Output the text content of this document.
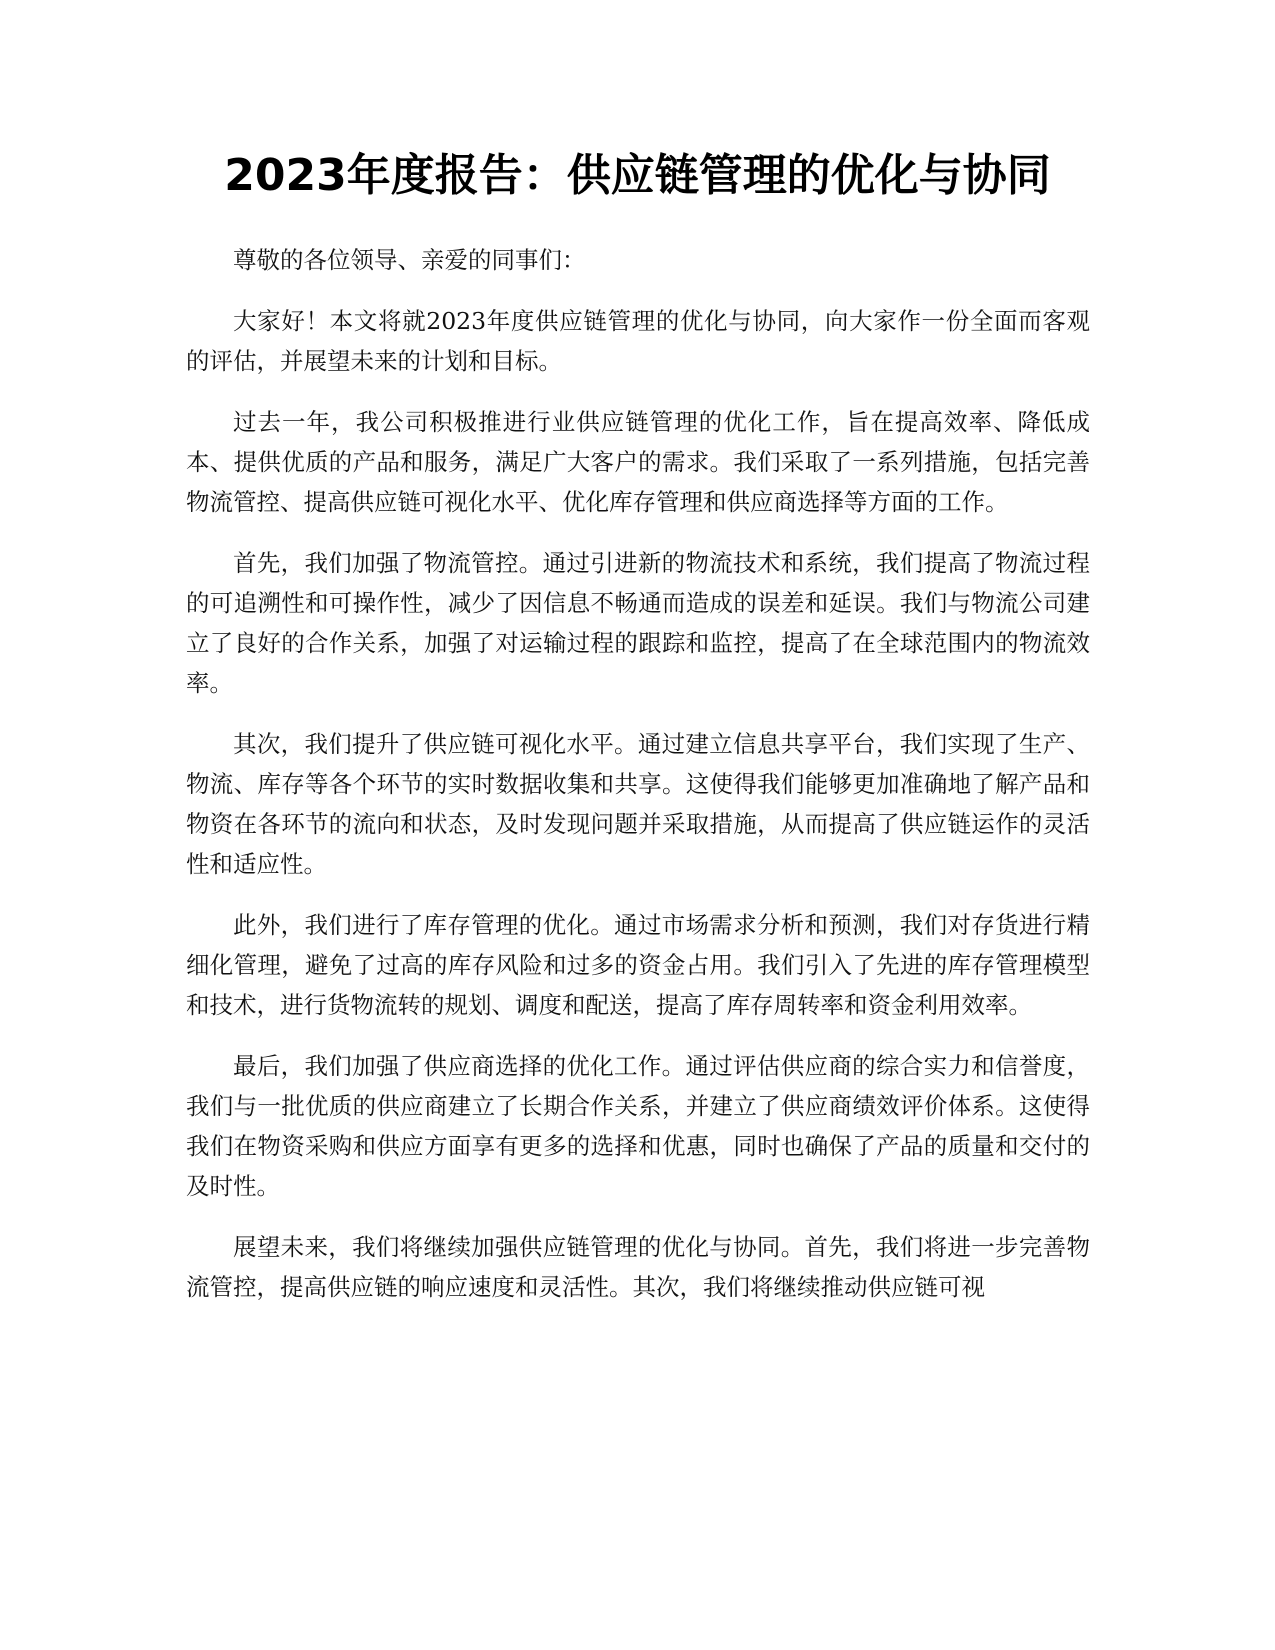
2023年度报告：供应链管理的优化与协同

尊敬的各位领导、亲爱的同事们：

大家好！本文将就2023年度供应链管理的优化与协同，向大家作一份全面而客观的评估，并展望未来的计划和目标。

过去一年，我公司积极推进行业供应链管理的优化工作，旨在提高效率、降低成本、提供优质的产品和服务，满足广大客户的需求。我们采取了一系列措施，包括完善物流管控、提高供应链可视化水平、优化库存管理和供应商选择等方面的工作。

首先，我们加强了物流管控。通过引进新的物流技术和系统，我们提高了物流过程的可追溯性和可操作性，减少了因信息不畅通而造成的误差和延误。我们与物流公司建立了良好的合作关系，加强了对运输过程的跟踪和监控，提高了在全球范围内的物流效率。

其次，我们提升了供应链可视化水平。通过建立信息共享平台，我们实现了生产、物流、库存等各个环节的实时数据收集和共享。这使得我们能够更加准确地了解产品和物资在各环节的流向和状态，及时发现问题并采取措施，从而提高了供应链运作的灵活性和适应性。

此外，我们进行了库存管理的优化。通过市场需求分析和预测，我们对存货进行精细化管理，避免了过高的库存风险和过多的资金占用。我们引入了先进的库存管理模型和技术，进行货物流转的规划、调度和配送，提高了库存周转率和资金利用效率。

最后，我们加强了供应商选择的优化工作。通过评估供应商的综合实力和信誉度，我们与一批优质的供应商建立了长期合作关系，并建立了供应商绩效评价体系。这使得我们在物资采购和供应方面享有更多的选择和优惠，同时也确保了产品的质量和交付的及时性。

展望未来，我们将继续加强供应链管理的优化与协同。首先，我们将进一步完善物流管控，提高供应链的响应速度和灵活性。其次，我们将继续推动供应链可视
